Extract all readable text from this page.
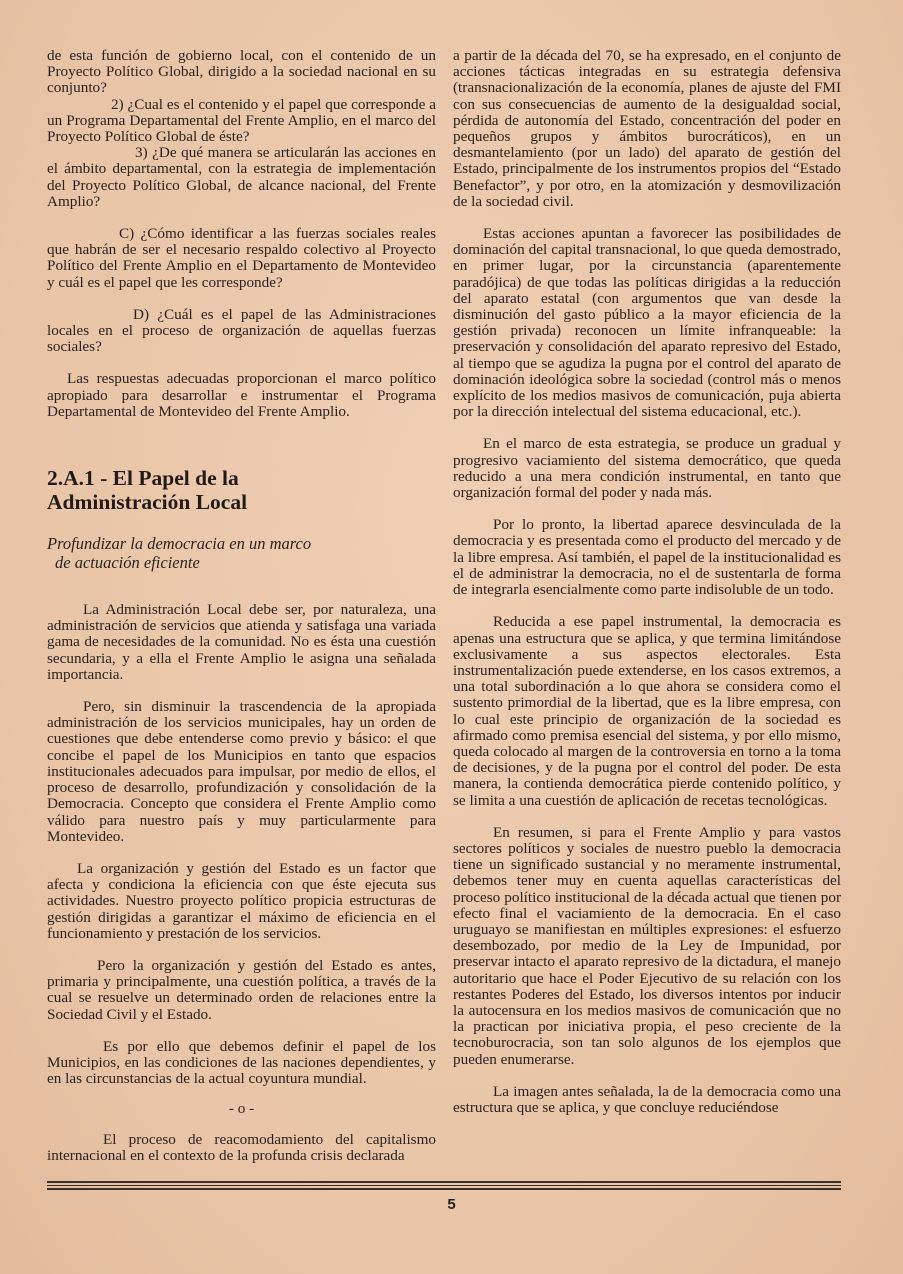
de esta función de gobierno local, con el contenido de un Proyecto Político Global, dirigido a la sociedad nacional en su conjunto?

2) ¿Cual es el contenido y el papel que corresponde a un Programa Departamental del Frente Amplio, en el marco del Proyecto Político Global de éste?

3) ¿De qué manera se articularán las acciones en el ámbito departamental, con la estrategia de implementación del Proyecto Político Global, de alcance nacional, del Frente Amplio?

C) ¿Cómo identificar a las fuerzas sociales reales que habrán de ser el necesario respaldo colectivo al Proyecto Político del Frente Amplio en el Departamento de Montevideo y cuál es el papel que les corresponde?

D) ¿Cuál es el papel de las Administraciones locales en el proceso de organización de aquellas fuerzas sociales?

Las respuestas adecuadas proporcionan el marco político apropiado para desarrollar e instrumentar el Programa Departamental de Montevideo del Frente Amplio.

2.A.1 - El Papel de la
Administración Local
Profundizar la democracia en un marco
de actuación eficiente

La Administración Local debe ser, por naturaleza, una administración de servicios que atienda y satisfaga una variada gama de necesidades de la comunidad. No es ésta una cuestión secundaria, y a ella el Frente Amplio le asigna una señalada importancia.

Pero, sin disminuir la trascendencia de la apropiada administración de los servicios municipales, hay un orden de cuestiones que debe entenderse como previo y básico: el que concibe el papel de los Municipios en tanto que espacios institucionales adecuados para impulsar, por medio de ellos, el proceso de desarrollo, profundización y consolidación de la Democracia. Concepto que considera el Frente Amplio como válido para nuestro país y muy particularmente para Montevideo.

La organización y gestión del Estado es un factor que afecta y condiciona la eficiencia con que éste ejecuta sus actividades. Nuestro proyecto político propicia estructuras de gestión dirigidas a garantizar el máximo de eficiencia en el funcionamiento y prestación de los servicios.

Pero la organización y gestión del Estado es antes, primaria y principalmente, una cuestión política, a través de la cual se resuelve un determinado orden de relaciones entre la Sociedad Civil y el Estado.

Es por ello que debemos definir el papel de los Municipios, en las condiciones de las naciones dependientes, y en las circunstancias de la actual coyuntura mundial.

- o -

El proceso de reacomodamiento del capitalismo internacional en el contexto de la profunda crisis declarada

a partir de la década del 70, se ha expresado, en el conjunto de acciones tácticas integradas en su estrategia defensiva (transnacionalización de la economía, planes de ajuste del FMI con sus consecuencias de aumento de la desigualdad social, pérdida de autonomía del Estado, concentración del poder en pequeños grupos y ámbitos burocráticos), en un desmantelamiento (por un lado) del aparato de gestión del Estado, principalmente de los instrumentos propios del “Estado Benefactor”, y por otro, en la atomización y desmovilización de la sociedad civil.

Estas acciones apuntan a favorecer las posibilidades de dominación del capital transnacional, lo que queda demostrado, en primer lugar, por la circunstancia (aparentemente paradójica) de que todas las políticas dirigidas a la reducción del aparato estatal (con argumentos que van desde la disminución del gasto público a la mayor eficiencia de la gestión privada) reconocen un límite infranqueable: la preservación y consolidación del aparato represivo del Estado, al tiempo que se agudiza la pugna por el control del aparato de dominación ideológica sobre la sociedad (control más o menos explícito de los medios masivos de comunicación, puja abierta por la dirección intelectual del sistema educacional, etc.).

En el marco de esta estrategia, se produce un gradual y progresivo vaciamiento del sistema democrático, que queda reducido a una mera condición instrumental, en tanto que organización formal del poder y nada más.

Por lo pronto, la libertad aparece desvinculada de la democracia y es presentada como el producto del mercado y de la libre empresa. Así también, el papel de la institucionalidad es el de administrar la democracia, no el de sustentarla de forma de integrarla esencialmente como parte indisoluble de un todo.

Reducida a ese papel instrumental, la democracia es apenas una estructura que se aplica, y que termina limitándose exclusivamente a sus aspectos electorales. Esta instrumentalización puede extenderse, en los casos extremos, a una total subordinación a lo que ahora se considera como el sustento primordial de la libertad, que es la libre empresa, con lo cual este principio de organización de la sociedad es afirmado como premisa esencial del sistema, y por ello mismo, queda colocado al margen de la controversia en torno a la toma de decisiones, y de la pugna por el control del poder. De esta manera, la contienda democrática pierde contenido político, y se limita a una cuestión de aplicación de recetas tecnológicas.

En resumen, si para el Frente Amplio y para vastos sectores políticos y sociales de nuestro pueblo la democracia tiene un significado sustancial y no meramente instrumental, debemos tener muy en cuenta aquellas características del proceso político institucional de la década actual que tienen por efecto final el vaciamiento de la democracia. En el caso uruguayo se manifiestan en múltiples expresiones: el esfuerzo desembozado, por medio de la Ley de Impunidad, por preservar intacto el aparato represivo de la dictadura, el manejo autoritario que hace el Poder Ejecutivo de su relación con los restantes Poderes del Estado, los diversos intentos por inducir la autocensura en los medios masivos de comunicación que no la practican por iniciativa propia, el peso creciente de la tecnoburocracia, son tan solo algunos de los ejemplos que pueden enumerarse.

La imagen antes señalada, la de la democracia como una estructura que se aplica, y que concluye reduciéndose

5
